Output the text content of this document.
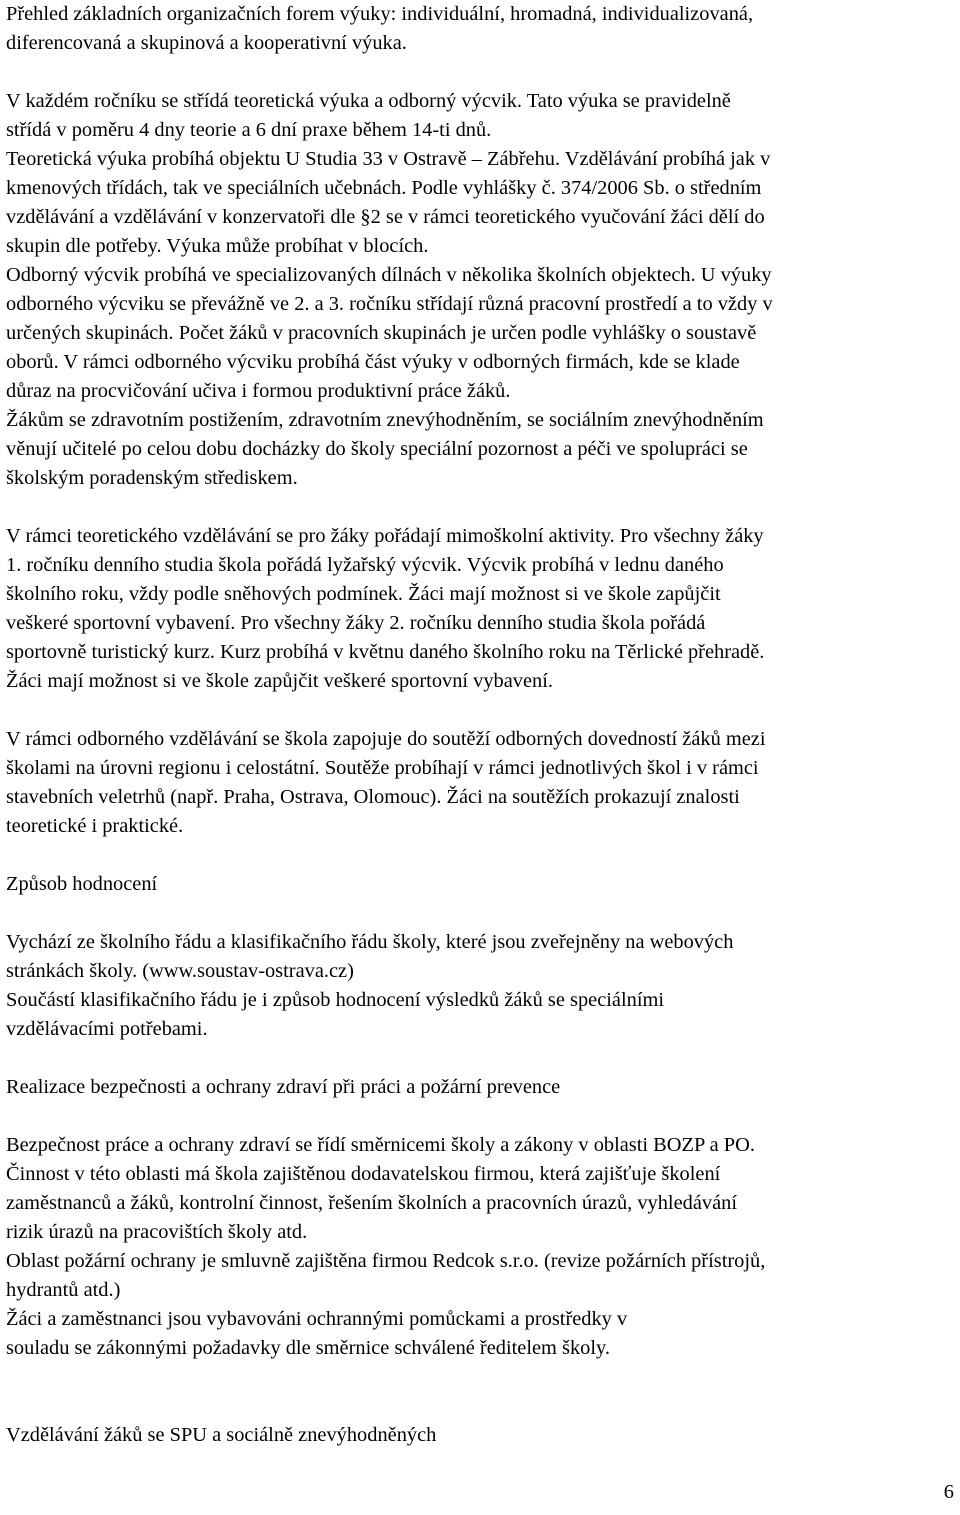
Přehled základních organizačních forem výuky: individuální, hromadná, individualizovaná,
diferencovaná a skupinová a kooperativní výuka.

V každém ročníku se střídá teoretická výuka a odborný výcvik. Tato výuka se pravidelně
střídá v poměru 4 dny teorie a 6 dní praxe během 14-ti dnů.
Teoretická výuka probíhá objektu U Studia 33 v Ostravě – Zábřehu. Vzdělávání probíhá jak v
kmenových třídách, tak ve speciálních učebnách. Podle vyhlášky č. 374/2006 Sb. o středním
vzdělávání a vzdělávání v konzervatoři dle §2 se v rámci teoretického vyučování žáci dělí do
skupin dle potřeby. Výuka může probíhat v blocích.
Odborný výcvik probíhá ve specializovaných dílnách v několika školních objektech. U výuky
odborného výcviku se převážně ve 2. a 3. ročníku střídají různá pracovní prostředí a to vždy v
určených skupinách. Počet žáků v pracovních skupinách je určen podle vyhlášky o soustavě
oborů. V rámci odborného výcviku probíhá část výuky v odborných firmách, kde se klade
důraz na procvičování učiva i formou produktivní práce žáků.
Žákům se zdravotním postižením, zdravotním znevýhodněním, se sociálním znevýhodněním
věnují učitelé po celou dobu docházky do školy speciální pozornost a péči ve spolupráci se
školským poradenským střediskem.

V rámci teoretického vzdělávání se pro žáky pořádají mimoškolní aktivity. Pro všechny žáky
1. ročníku denního studia škola pořádá lyžařský výcvik. Výcvik probíhá v lednu daného
školního roku, vždy podle sněhových podmínek. Žáci mají možnost si ve škole zapůjčit
veškeré sportovní vybavení. Pro všechny žáky 2. ročníku denního studia škola pořádá
sportovně turistický kurz. Kurz probíhá v květnu daného školního roku na Těrlické přehradě.
Žáci mají možnost si ve škole zapůjčit veškeré sportovní vybavení.

V rámci odborného vzdělávání se škola zapojuje do soutěží odborných dovedností žáků mezi
školami na úrovni regionu i celostátní. Soutěže probíhají v rámci jednotlivých škol i v rámci
stavebních veletrhů (např. Praha, Ostrava, Olomouc). Žáci na soutěžích prokazují znalosti
teoretické i praktické.

Způsob hodnocení

Vychází ze školního řádu a klasifikačního řádu školy, které jsou zveřejněny na webových
stránkách školy. (www.soustav-ostrava.cz)
Součástí klasifikačního řádu je i způsob hodnocení výsledků žáků se speciálními
vzdělávacími potřebami.

Realizace bezpečnosti a ochrany zdraví při práci a požární prevence

Bezpečnost práce a ochrany zdraví se řídí směrnicemi školy a zákony v oblasti BOZP a PO.
Činnost v této oblasti má škola zajištěnou dodavatelskou firmou, která zajišťuje školení
zaměstnanců a žáků, kontrolní činnost, řešením školních a pracovních úrazů, vyhledávání
rizik úrazů na pracovištích školy atd.
Oblast požární ochrany je smluvně zajištěna firmou Redcok s.r.o. (revize požárních přístrojů,
hydrantů atd.)
Žáci a zaměstnanci jsou vybavováni ochrannými pomůckami a prostředky v
souladu se zákonnými požadavky dle směrnice schválené ředitelem školy.

Vzdělávání žáků se SPU a sociálně znevýhodněných

6
